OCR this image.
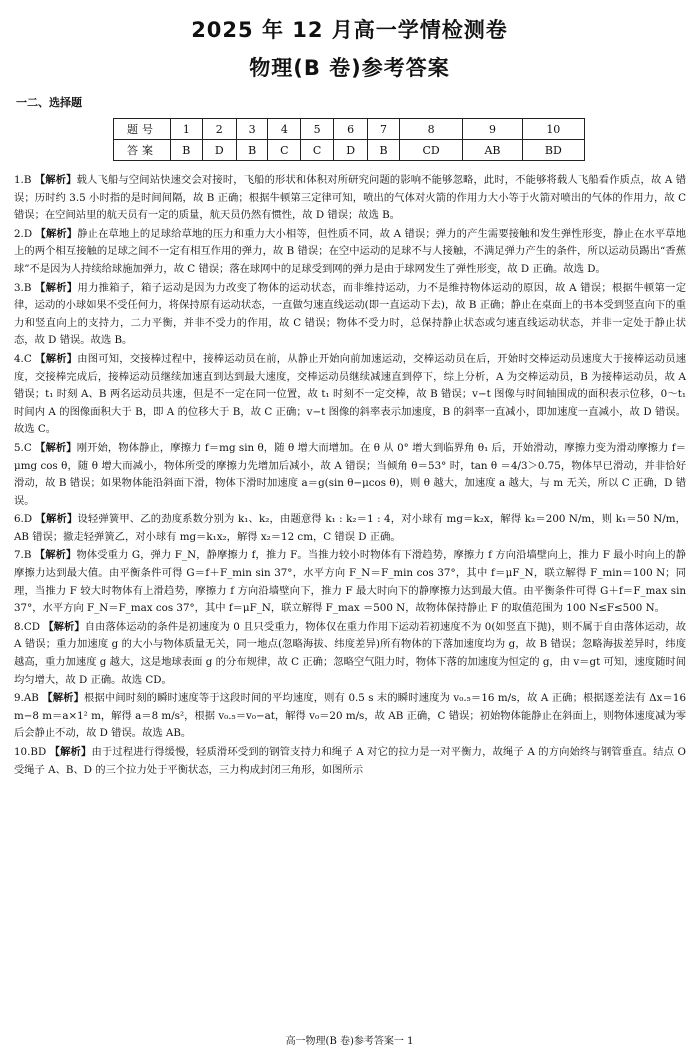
2025 年 12 月高一学情检测卷
物理(B 卷)参考答案
一二、选择题
题号	1	2	3	4	5	6	7	8	9	10
答案	B	D	B	C	C	D	B	CD	AB	BD

1.B 【解析】载人飞船与空间站快速交会对接时，飞船的形状和体积对所研究问题的影响不能够忽略，此时，不能够将载人飞船看作质点，故 A 错误；历时约 3.5 小时指的是时间间隔，故 B 正确；根据牛顿第三定律可知，喷出的气体对火箭的作用力大小等于火箭对喷出的气体的作用力，故 C 错误；在空间站里的航天员有一定的质量，航天员仍然有惯性，故 D 错误；故选 B。

2.D 【解析】静止在草地上的足球给草地的压力和重力大小相等，但性质不同，故 A 错误；弹力的产生需要接触和发生弹性形变，静止在水平草地上的两个相互接触的足球之间不一定有相互作用的弹力，故 B 错误；在空中运动的足球不与人接触，不满足弹力产生的条件，所以运动员踢出“香蕉球”不是因为人持续给球施加弹力，故 C 错误；落在球网中的足球受到网的弹力是由于球网发生了弹性形变，故 D 正确。故选 D。

3.B 【解析】用力推箱子，箱子运动是因为力改变了物体的运动状态，而非维持运动，力不是维持物体运动的原因，故 A 错误；根据牛顿第一定律，运动的小球如果不受任何力，将保持原有运动状态，一直做匀速直线运动(即一直运动下去)，故 B 正确；静止在桌面上的书本受到竖直向下的重力和竖直向上的支持力，二力平衡，并非不受力的作用，故 C 错误；物体不受力时，总保持静止状态或匀速直线运动状态，并非一定处于静止状态，故 D 错误。故选 B。

4.C 【解析】由图可知，交接棒过程中，接棒运动员在前，从静止开始向前加速运动，交棒运动员在后，开始时交棒运动员速度大于接棒运动员速度，交接棒完成后，接棒运动员继续加速直到达到最大速度，交棒运动员继续减速直到停下，综上分析，A 为交棒运动员，B 为接棒运动员，故 A 错误；t₁ 时刻 A、B 两名运动员共速，但是不一定在同一位置，故 t₁ 时刻不一定交棒，故 B 错误；v−t 图像与时间轴围成的面积表示位移，0～t₁ 时间内 A 的图像面积大于 B，即 A 的位移大于 B，故 C 正确；v−t 图像的斜率表示加速度，B 的斜率一直减小，即加速度一直减小，故 D 错误。故选 C。

5.C 【解析】刚开始，物体静止，摩擦力 f＝mg sin θ，随 θ 增大而增加。在 θ 从 0° 增大到临界角 θ₁ 后，开始滑动，摩擦力变为滑动摩擦力 f＝μmg cos θ，随 θ 增大而减小，物体所受的摩擦力先增加后减小，故 A 错误；当倾角 θ＝53° 时，tan θ ＝4/3＞0.75，物体早已滑动，并非恰好滑动，故 B 错误；如果物体能沿斜面下滑，物体下滑时加速度 a＝g(sin θ−μcos θ)，则 θ 越大，加速度 a 越大，与 m 无关，所以 C 正确，D 错误。

6.D 【解析】设轻弹簧甲、乙的劲度系数分别为 k₁、k₂，由题意得 k₁ : k₂＝1 : 4，对小球有 mg＝k₂x，解得 k₂＝200 N/m，则 k₁＝50 N/m，AB 错误；撤走轻弹簧乙，对小球有 mg＝k₁x₂，解得 x₂＝12 cm，C 错误 D 正确。

7.B 【解析】物体受重力 G，弹力 F_N，静摩擦力 f，推力 F。当推力较小时物体有下滑趋势，摩擦力 f 方向沿墙壁向上，推力 F 最小时向上的静摩擦力达到最大值。由平衡条件可得 G＝f＋F_min sin 37°，水平方向 F_N＝F_min cos 37°，其中 f＝μF_N，联立解得 F_min＝100 N；同理，当推力 F 较大时物体有上滑趋势，摩擦力 f 方向沿墙壁向下，推力 F 最大时向下的静摩擦力达到最大值。由平衡条件可得 G＋f＝F_max sin 37°，水平方向 F_N＝F_max cos 37°，其中 f＝μF_N，联立解得 F_max ＝500 N，故物体保持静止 F 的取值范围为 100 N≤F≤500 N。

8.CD 【解析】自由落体运动的条件是初速度为 0 且只受重力，物体仅在重力作用下运动若初速度不为 0(如竖直下抛)，则不属于自由落体运动，故 A 错误；重力加速度 g 的大小与物体质量无关，同一地点(忽略海拔、纬度差异)所有物体的下落加速度均为 g，故 B 错误；忽略海拔差异时，纬度越高，重力加速度 g 越大，这是地球表面 g 的分布规律，故 C 正确；忽略空气阻力时，物体下落的加速度为恒定的 g，由 v＝gt 可知，速度随时间均匀增大，故 D 正确。故选 CD。

9.AB 【解析】根据中间时刻的瞬时速度等于这段时间的平均速度，则有 0.5 s 末的瞬时速度为 v₀.₅＝16 m/s，故 A 正确；根据逐差法有 Δx＝16 m−8 m＝a×1² m，解得 a＝8 m/s²，根据 v₀.₅＝v₀−at，解得 v₀＝20 m/s，故 AB 正确，C 错误；初始物体能静止在斜面上，则物体速度减为零后会静止不动，故 D 错误。故选 AB。

10.BD 【解析】由于过程进行得缓慢，轻质滑环受到的钢管支持力和绳子 A 对它的拉力是一对平衡力，故绳子 A 的方向始终与钢管垂直。结点 O 受绳子 A、B、D 的三个拉力处于平衡状态，三力构成封闭三角形，如图所示

高一物理(B 卷)参考答案一 1
